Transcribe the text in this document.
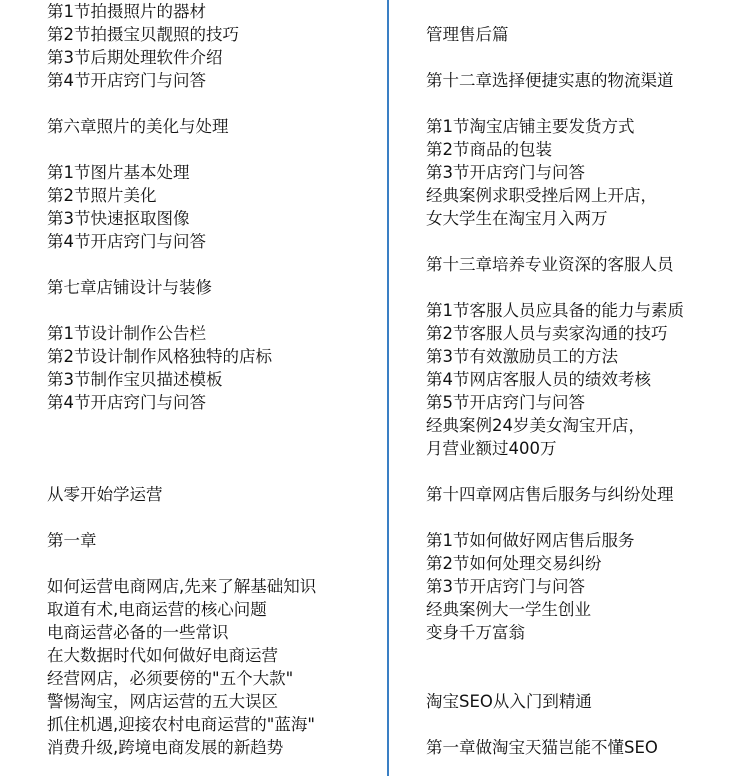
第1节拍摄照片的器材
第2节拍摄宝贝靓照的技巧
第3节后期处理软件介绍
第4节开店窍门与问答
第六章照片的美化与处理
第1节图片基本处理
第2节照片美化
第3节快速抠取图像
第4节开店窍门与问答
第七章店铺设计与装修
第1节设计制作公告栏
第2节设计制作风格独特的店标
第3节制作宝贝描述模板
第4节开店窍门与问答
从零开始学运营
第一章
如何运营电商网店,先来了解基础知识
取道有术,电商运营的核心问题
电商运营必备的一些常识
在大数据时代如何做好电商运营
经营网店，必须要傍的"五个大款"
警惕淘宝，网店运营的五大误区
抓住机遇,迎接农村电商运营的"蓝海"
消费升级,跨境电商发展的新趋势
管理售后篇
第十二章选择便捷实惠的物流渠道
第1节淘宝店铺主要发货方式
第2节商品的包装
第3节开店窍门与问答
经典案例求职受挫后网上开店，
女大学生在淘宝月入两万
第十三章培养专业资深的客服人员
第1节客服人员应具备的能力与素质
第2节客服人员与卖家沟通的技巧
第3节有效激励员工的方法
第4节网店客服人员的绩效考核
第5节开店窍门与问答
经典案例24岁美女淘宝开店，
月营业额过400万
第十四章网店售后服务与纠纷处理
第1节如何做好网店售后服务
第2节如何处理交易纠纷
第3节开店窍门与问答
经典案例大一学生创业
变身千万富翁
淘宝SEO从入门到精通
第一章做淘宝天猫岂能不懂SEO
